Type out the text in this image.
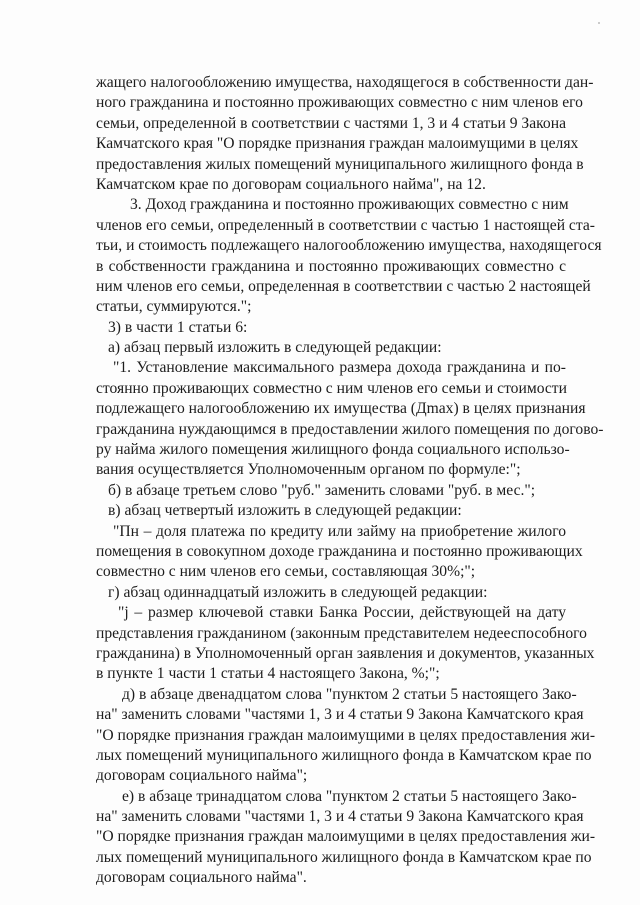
жащего налогообложению имущества, находящегося в собственности дан-
ного гражданина и постоянно проживающих совместно с ним членов его
семьи, определенной в соответствии с частями 1, 3 и 4 статьи 9 Закона
Камчатского края "О порядке признания граждан малоимущими в целях
предоставления жилых помещений муниципального жилищного фонда в
Камчатском крае по договорам социального найма", на 12.
3. Доход гражданина и постоянно проживающих совместно с ним
членов его семьи, определенный в соответствии с частью 1 настоящей ста-
тьи, и стоимость подлежащего налогообложению имущества, находящегося
в собственности гражданина и постоянно проживающих совместно с
ним членов его семьи, определенная в соответствии с частью 2 настоящей
статьи, суммируются.";
3) в части 1 статьи 6:
а) абзац первый изложить в следующей редакции:
"1. Установление максимального размера дохода гражданина и по-
стоянно проживающих совместно с ним членов его семьи и стоимости
подлежащего налогообложению их имущества (Дmax) в целях признания
гражданина нуждающимся в предоставлении жилого помещения по догово-
ру найма жилого помещения жилищного фонда социального использо-
вания осуществляется Уполномоченным органом по формуле:";
б) в абзаце третьем слово "руб." заменить словами "руб. в мес.";
в) абзац четвертый изложить в следующей редакции:
"Пн – доля платежа по кредиту или займу на приобретение жилого
помещения в совокупном доходе гражданина и постоянно проживающих
совместно с ним членов его семьи, составляющая 30%;";
г) абзац одиннадцатый изложить в следующей редакции:
"j – размер ключевой ставки Банка России, действующей на дату
представления гражданином (законным представителем недееспособного
гражданина) в Уполномоченный орган заявления и документов, указанных
в пункте 1 части 1 статьи 4 настоящего Закона, %;";
д) в абзаце двенадцатом слова "пунктом 2 статьи 5 настоящего Зако-
на" заменить словами "частями 1, 3 и 4 статьи 9 Закона Камчатского края
"О порядке признания граждан малоимущими в целях предоставления жи-
лых помещений муниципального жилищного фонда в Камчатском крае по
договорам социального найма";
е) в абзаце тринадцатом слова "пунктом 2 статьи 5 настоящего Зако-
на" заменить словами "частями 1, 3 и 4 статьи 9 Закона Камчатского края
"О порядке признания граждан малоимущими в целях предоставления жи-
лых помещений муниципального жилищного фонда в Камчатском крае по
договорам социального найма".
